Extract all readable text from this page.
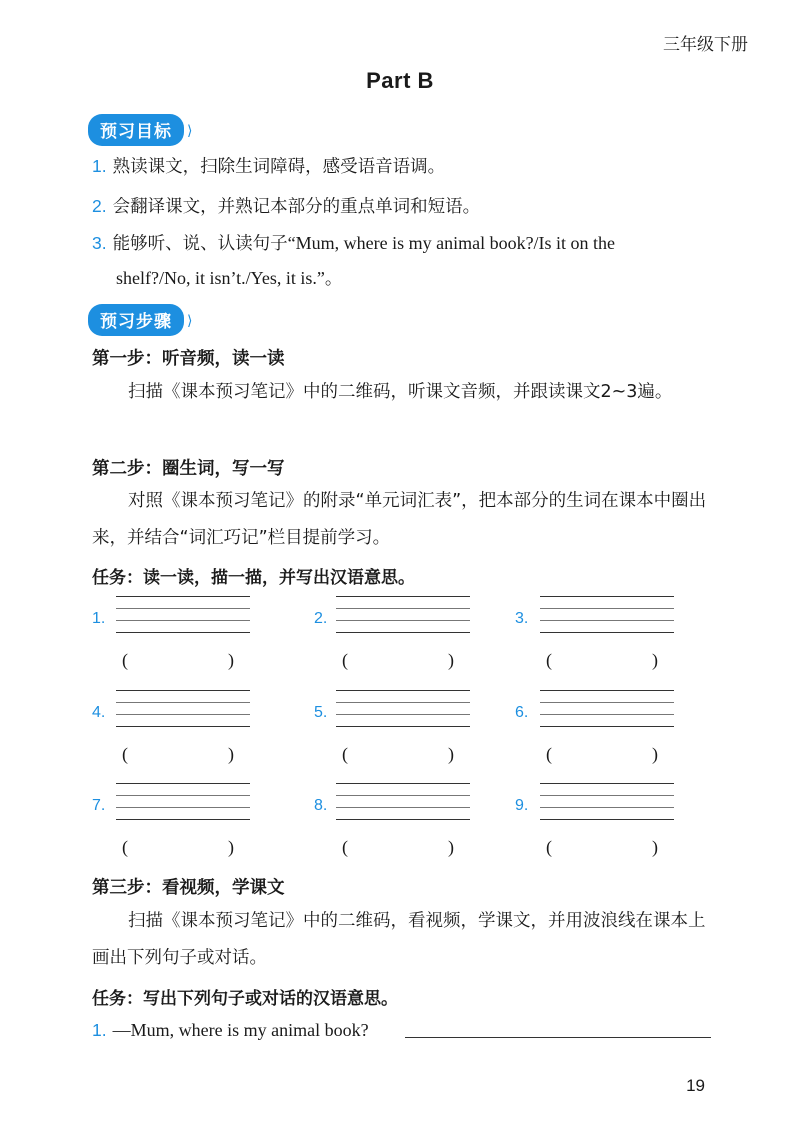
三年级下册
Part B
预习目标 ⟩
1. 熟读课文，扫除生词障碍，感受语音语调。
2. 会翻译课文，并熟记本部分的重点单词和短语。
3. 能够听、说、认读句子“Mum, where is my animal book?/Is it on the
shelf?/No, it isn’t./Yes, it is.”。
预习步骤 ⟩
第一步：听音频，读一读
扫描《课本预习笔记》中的二维码，听课文音频，并跟读课文2~3遍。
第二步：圈生词，写一写
对照《课本预习笔记》的附录“单元词汇表”，把本部分的生词在课本中圈出来，并结合“词汇巧记”栏目提前学习。
任务：读一读，描一描，并写出汉语意思。
1.
(	)
2.
(	)
3.
(	)
4.
(	)
5.
(	)
6.
(	)
7.
(	)
8.
(	)
9.
(	)
第三步：看视频，学课文
扫描《课本预习笔记》中的二维码，看视频，学课文，并用波浪线在课本上画出下列句子或对话。
任务：写出下列句子或对话的汉语意思。
1. —Mum, where is my animal book?
19
